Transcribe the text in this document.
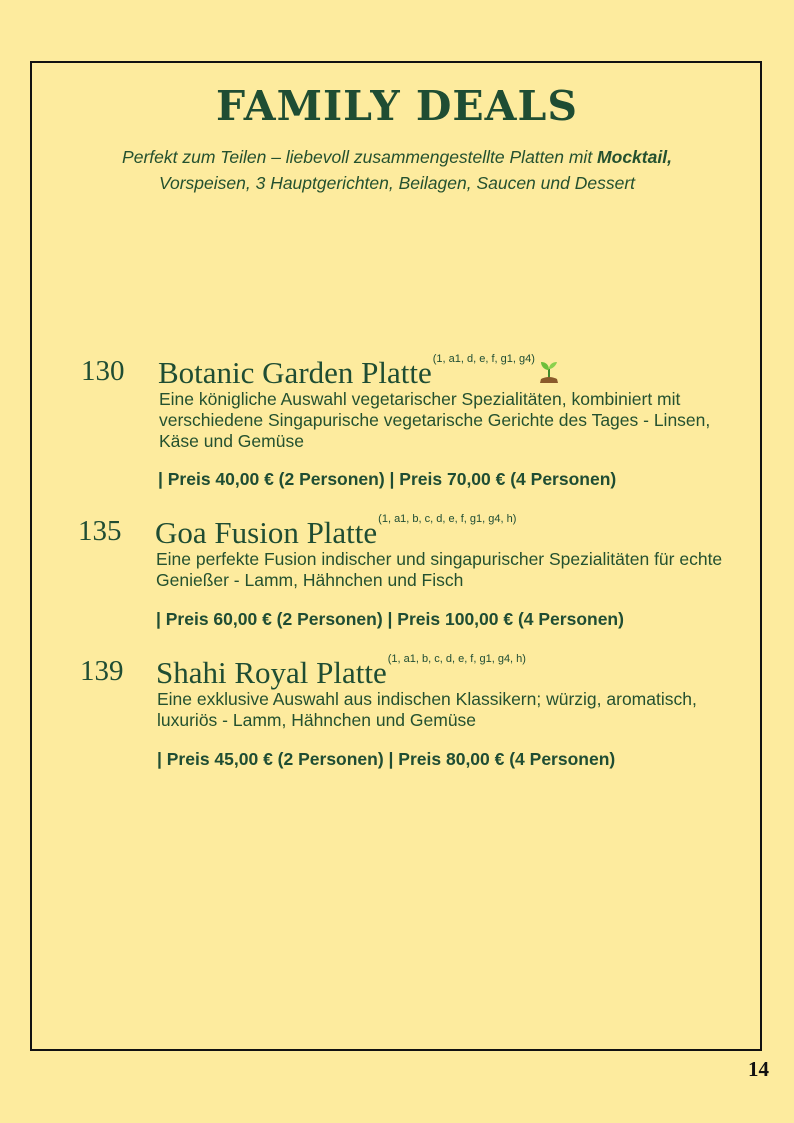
FAMILY DEALS

Perfekt zum Teilen – liebevoll zusammengestellte Platten mit Mocktail,
Vorspeisen, 3 Hauptgerichten, Beilagen, Saucen und Dessert

130 Botanic Garden Platte$^{(1, a1, d, e, f, g1, g4)}$

Eine königliche Auswahl vegetarischer Spezialitäten, kombiniert mit verschiedene Singapurische vegetarische Gerichte des Tages - Linsen, Käse und Gemüse

| Preis 40,00 € (2 Personen) | Preis 70,00 € (4 Personen)

135 Goa Fusion Platte$^{(1, a1, b, c, d, e, f, g1, g4, h)}$

Eine perfekte Fusion indischer und singapurischer Spezialitäten für echte Genießer - Lamm, Hähnchen und Fisch

| Preis 60,00 € (2 Personen) | Preis 100,00 € (4 Personen)

139 Shahi Royal Platte$^{(1, a1, b, c, d, e, f, g1, g4, h)}$

Eine exklusive Auswahl aus indischen Klassikern; würzig, aromatisch, luxuriös - Lamm, Hähnchen und Gemüse

| Preis 45,00 € (2 Personen) | Preis 80,00 € (4 Personen)

14
